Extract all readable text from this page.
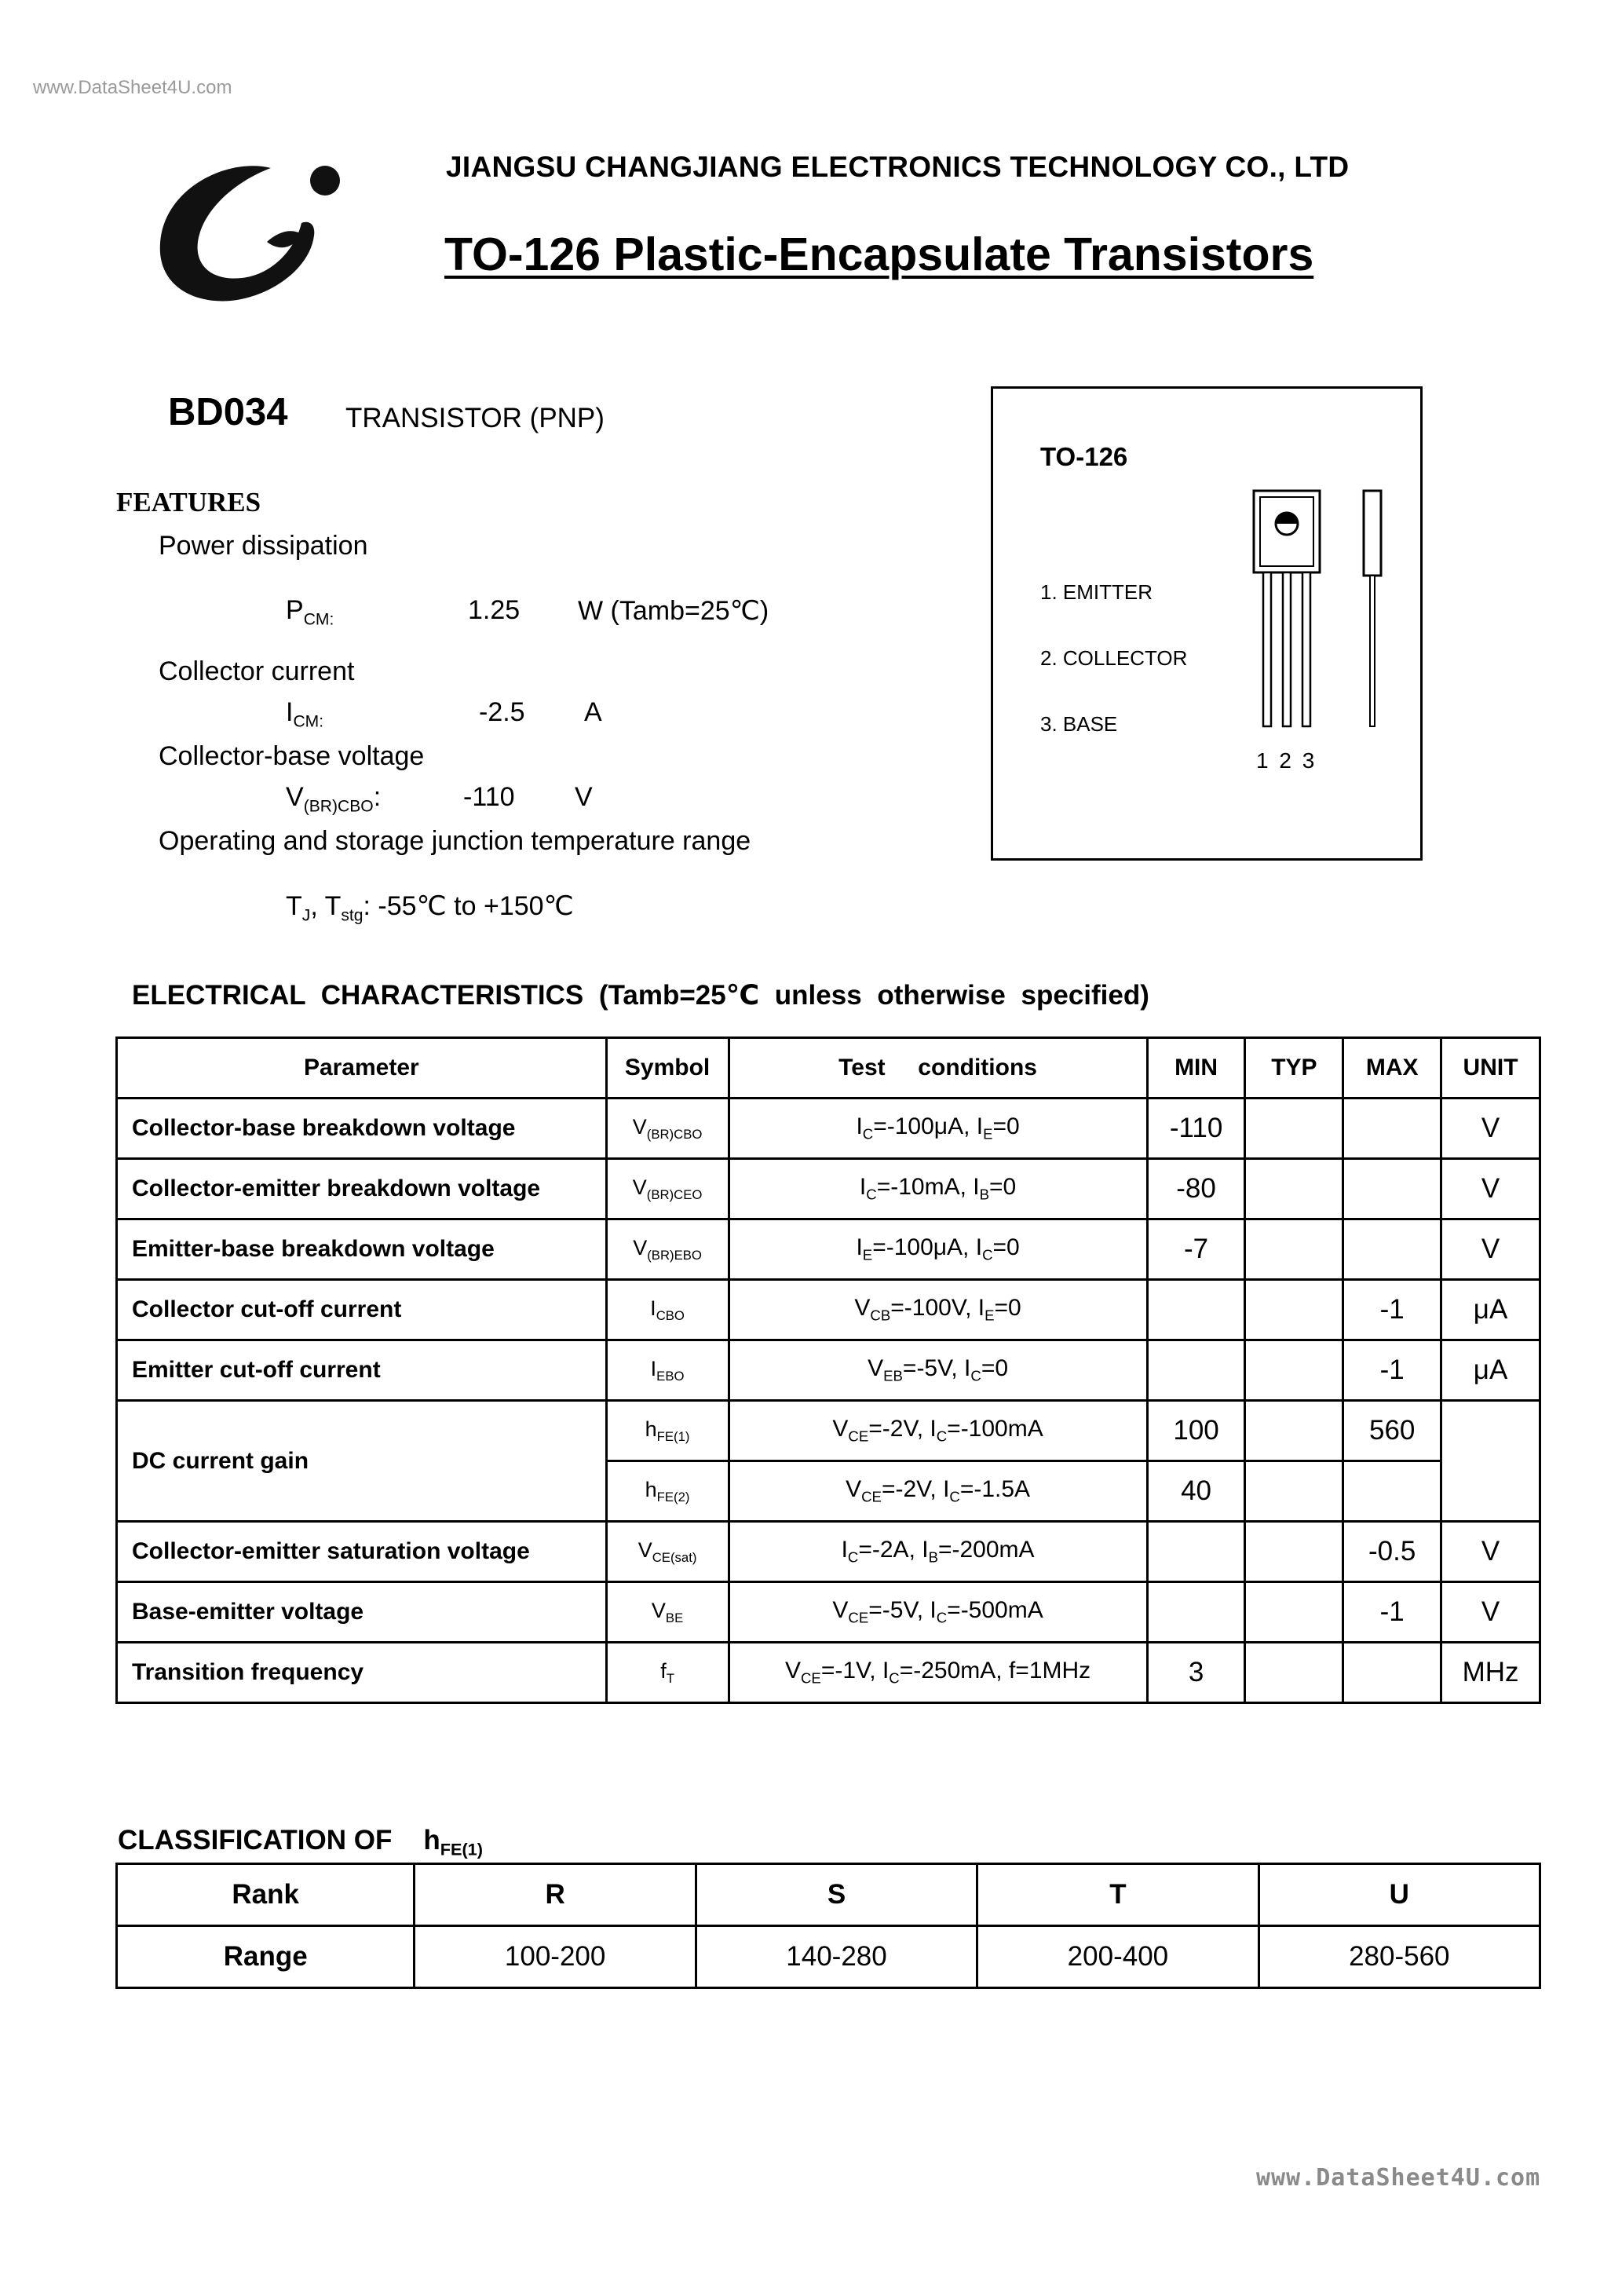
www.DataSheet4U.com
JIANGSU CHANGJIANG ELECTRONICS TECHNOLOGY CO., LTD
TO-126 Plastic-Encapsulate Transistors
BD034 TRANSISTOR (PNP)
FEATURES
Power dissipation
$P_{CM:}$	1.25 W (Tamb=25℃)
Collector current
$I_{CM:}$	-2.5 A
Collector-base voltage
$V_{(BR)CBO}$:	-110 V
Operating and storage junction temperature range
$T_J$, $T_{stg}$: -55℃ to +150℃
TO-126
1. EMITTER
2. COLLECTOR
3. BASE
1 2 3
ELECTRICAL CHARACTERISTICS (Tamb=25℃ unless otherwise specified)
Parameter	Symbol	Test     conditions	MIN	TYP	MAX	UNIT
Collector-base breakdown voltage	$V_{(BR)CBO}$	$I_C=-100\mu A$, $I_E=0$	-110			V
Collector-emitter breakdown voltage	$V_{(BR)CEO}$	$I_C=-10mA$, $I_B=0$	-80			V
Emitter-base breakdown voltage	$V_{(BR)EBO}$	$I_E=-100\mu A$, $I_C=0$	-7			V
Collector cut-off current	$I_{CBO}$	$V_{CB}=-100V$, $I_E=0$			-1	μA
Emitter cut-off current	$I_{EBO}$	$V_{EB}=-5V$, $I_C=0$			-1	μA
DC current gain	$h_{FE(1)}$	$V_{CE}=-2V$, $I_C=-100mA$	100		560	
	$h_{FE(2)}$	$V_{CE}=-2V$, $I_C=-1.5A$	40			
Collector-emitter saturation voltage	$V_{CE(sat)}$	$I_C=-2A$, $I_B=-200mA$			-0.5	V
Base-emitter voltage	$V_{BE}$	$V_{CE}=-5V$, $I_C=-500mA$			-1	V
Transition frequency	$f_T$	$V_{CE}=-1V$, $I_C=-250mA$, f=1MHz	3			MHz
CLASSIFICATION OF $h_{FE(1)}$
Rank	R	S	T	U
Range	100-200	140-280	200-400	280-560
www.DataSheet4U.com
